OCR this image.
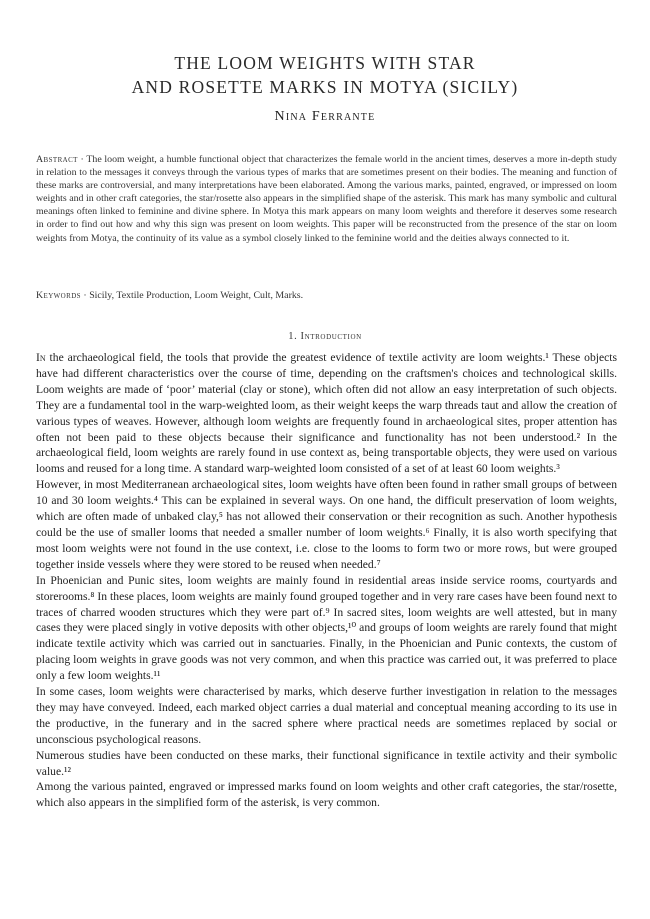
THE LOOM WEIGHTS WITH STAR
AND ROSETTE MARKS IN MOTYA (SICILY)
Nina Ferrante
Abstract · The loom weight, a humble functional object that characterizes the female world in the ancient times, deserves a more in-depth study in relation to the messages it conveys through the various types of marks that are sometimes present on their bodies. The meaning and function of these marks are controversial, and many interpretations have been elaborated. Among the various marks, painted, engraved, or impressed on loom weights and in other craft categories, the star/rosette also appears in the simplified shape of the asterisk. This mark has many symbolic and cultural meanings often linked to feminine and divine sphere. In Motya this mark appears on many loom weights and therefore it deserves some research in order to find out how and why this sign was present on loom weights. This paper will be reconstructed from the presence of the star on loom weights from Motya, the continuity of its value as a symbol closely linked to the feminine world and the deities always connected to it.
Keywords · Sicily, Textile Production, Loom Weight, Cult, Marks.
1. Introduction

In the archaeological field, the tools that provide the greatest evidence of textile activity are loom weights.¹ These objects have had different characteristics over the course of time, depending on the craftsmen's choices and technological skills. Loom weights are made of ‘poor’ material (clay or stone), which often did not allow an easy interpretation of such objects. They are a fundamental tool in the warp-weighted loom, as their weight keeps the warp threads taut and allow the creation of various types of weaves. However, although loom weights are frequently found in archaeological sites, proper attention has often not been paid to these objects because their significance and functionality has not been understood.² In the archaeological field, loom weights are rarely found in use context as, being transportable objects, they were used on various looms and reused for a long time. A standard warp-weighted loom consisted of a set of at least 60 loom weights.³

However, in most Mediterranean archaeological sites, loom weights have often been found in rather small groups of between 10 and 30 loom weights.⁴ This can be explained in several ways. On one hand, the difficult preservation of loom weights, which are often made of unbaked clay,⁵ has not allowed their conservation or their recognition as such. Another hypothesis could be the use of smaller looms that needed a smaller number of loom weights.⁶ Finally, it is also worth specifying that most loom weights were not found in the use context, i.e. close to the looms to form two or more rows, but were grouped together inside vessels where they were stored to be reused when needed.⁷

In Phoenician and Punic sites, loom weights are mainly found in residential areas inside service rooms, courtyards and storerooms.⁸ In these places, loom weights are mainly found grouped together and in very rare cases have been found next to traces of charred wooden structures which they were part of.⁹ In sacred sites, loom weights are well attested, but in many cases they were placed singly in votive deposits with other objects,¹⁰ and groups of loom weights are rarely found that might indicate textile activity which was carried out in sanctuaries. Finally, in the Phoenician and Punic contexts, the custom of placing loom weights in grave goods was not very common, and when this practice was carried out, it was preferred to place only a few loom weights.¹¹

In some cases, loom weights were characterised by marks, which deserve further investigation in relation to the messages they may have conveyed. Indeed, each marked object carries a dual material and conceptual meaning according to its use in the productive, in the funerary and in the sacred sphere where practical needs are sometimes replaced by social or unconscious psychological reasons.

Numerous studies have been conducted on these marks, their functional significance in textile activity and their symbolic value.¹²

Among the various painted, engraved or impressed marks found on loom weights and other craft categories, the star/rosette, which also appears in the simplified form of the asterisk, is very common.
